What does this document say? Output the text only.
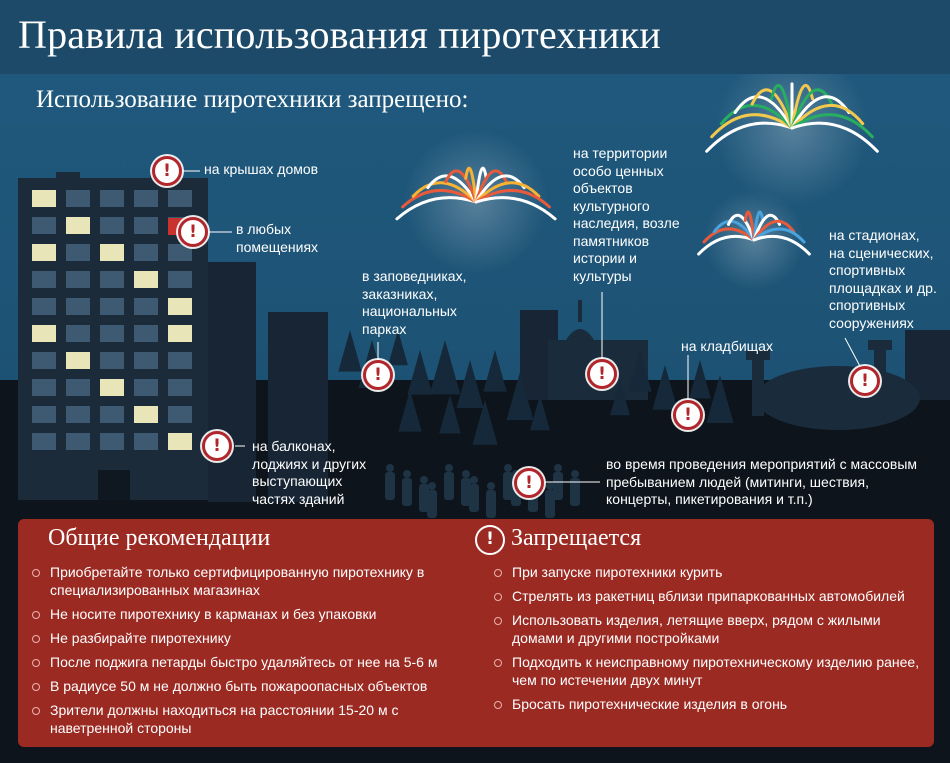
Правила использования пиротехники
Использование пиротехники запрещено:
!
!
!
!
!
!
!
!
на крышах домов
в любых
помещениях
на балконах,
лоджиях и других
выступающих
частях зданий
в заповедниках,
заказниках,
национальных
парках
на территории
особо ценных
объектов
культурного
наследия, возле
памятников
истории и
культуры
на кладбищах
на стадионах,
на сценических,
спортивных
площадках и др.
спортивных
сооружениях
во время проведения мероприятий с массовым
пребыванием людей (митинги, шествия,
концерты, пикетирования и т.п.)
Общие рекомендации
Приобретайте только сертифицированную пиротехнику в специализированных магазинах
Не носите пиротехнику в карманах и без упаковки
Не разбирайте пиротехнику
После поджига петарды быстро удаляйтесь от нее на 5-6 м
В радиусе 50 м не должно быть пожароопасных объектов
Зрители должны находиться на расстоянии 15-20 м с наветренной стороны
!
Запрещается
При запуске пиротехники курить
Стрелять из ракетниц вблизи припаркованных автомобилей
Использовать изделия, летящие вверх, рядом с жилыми домами и другими постройками
Подходить к неисправному пиротехническому изделию ранее, чем по истечении двух минут
Бросать пиротехнические изделия в огонь
